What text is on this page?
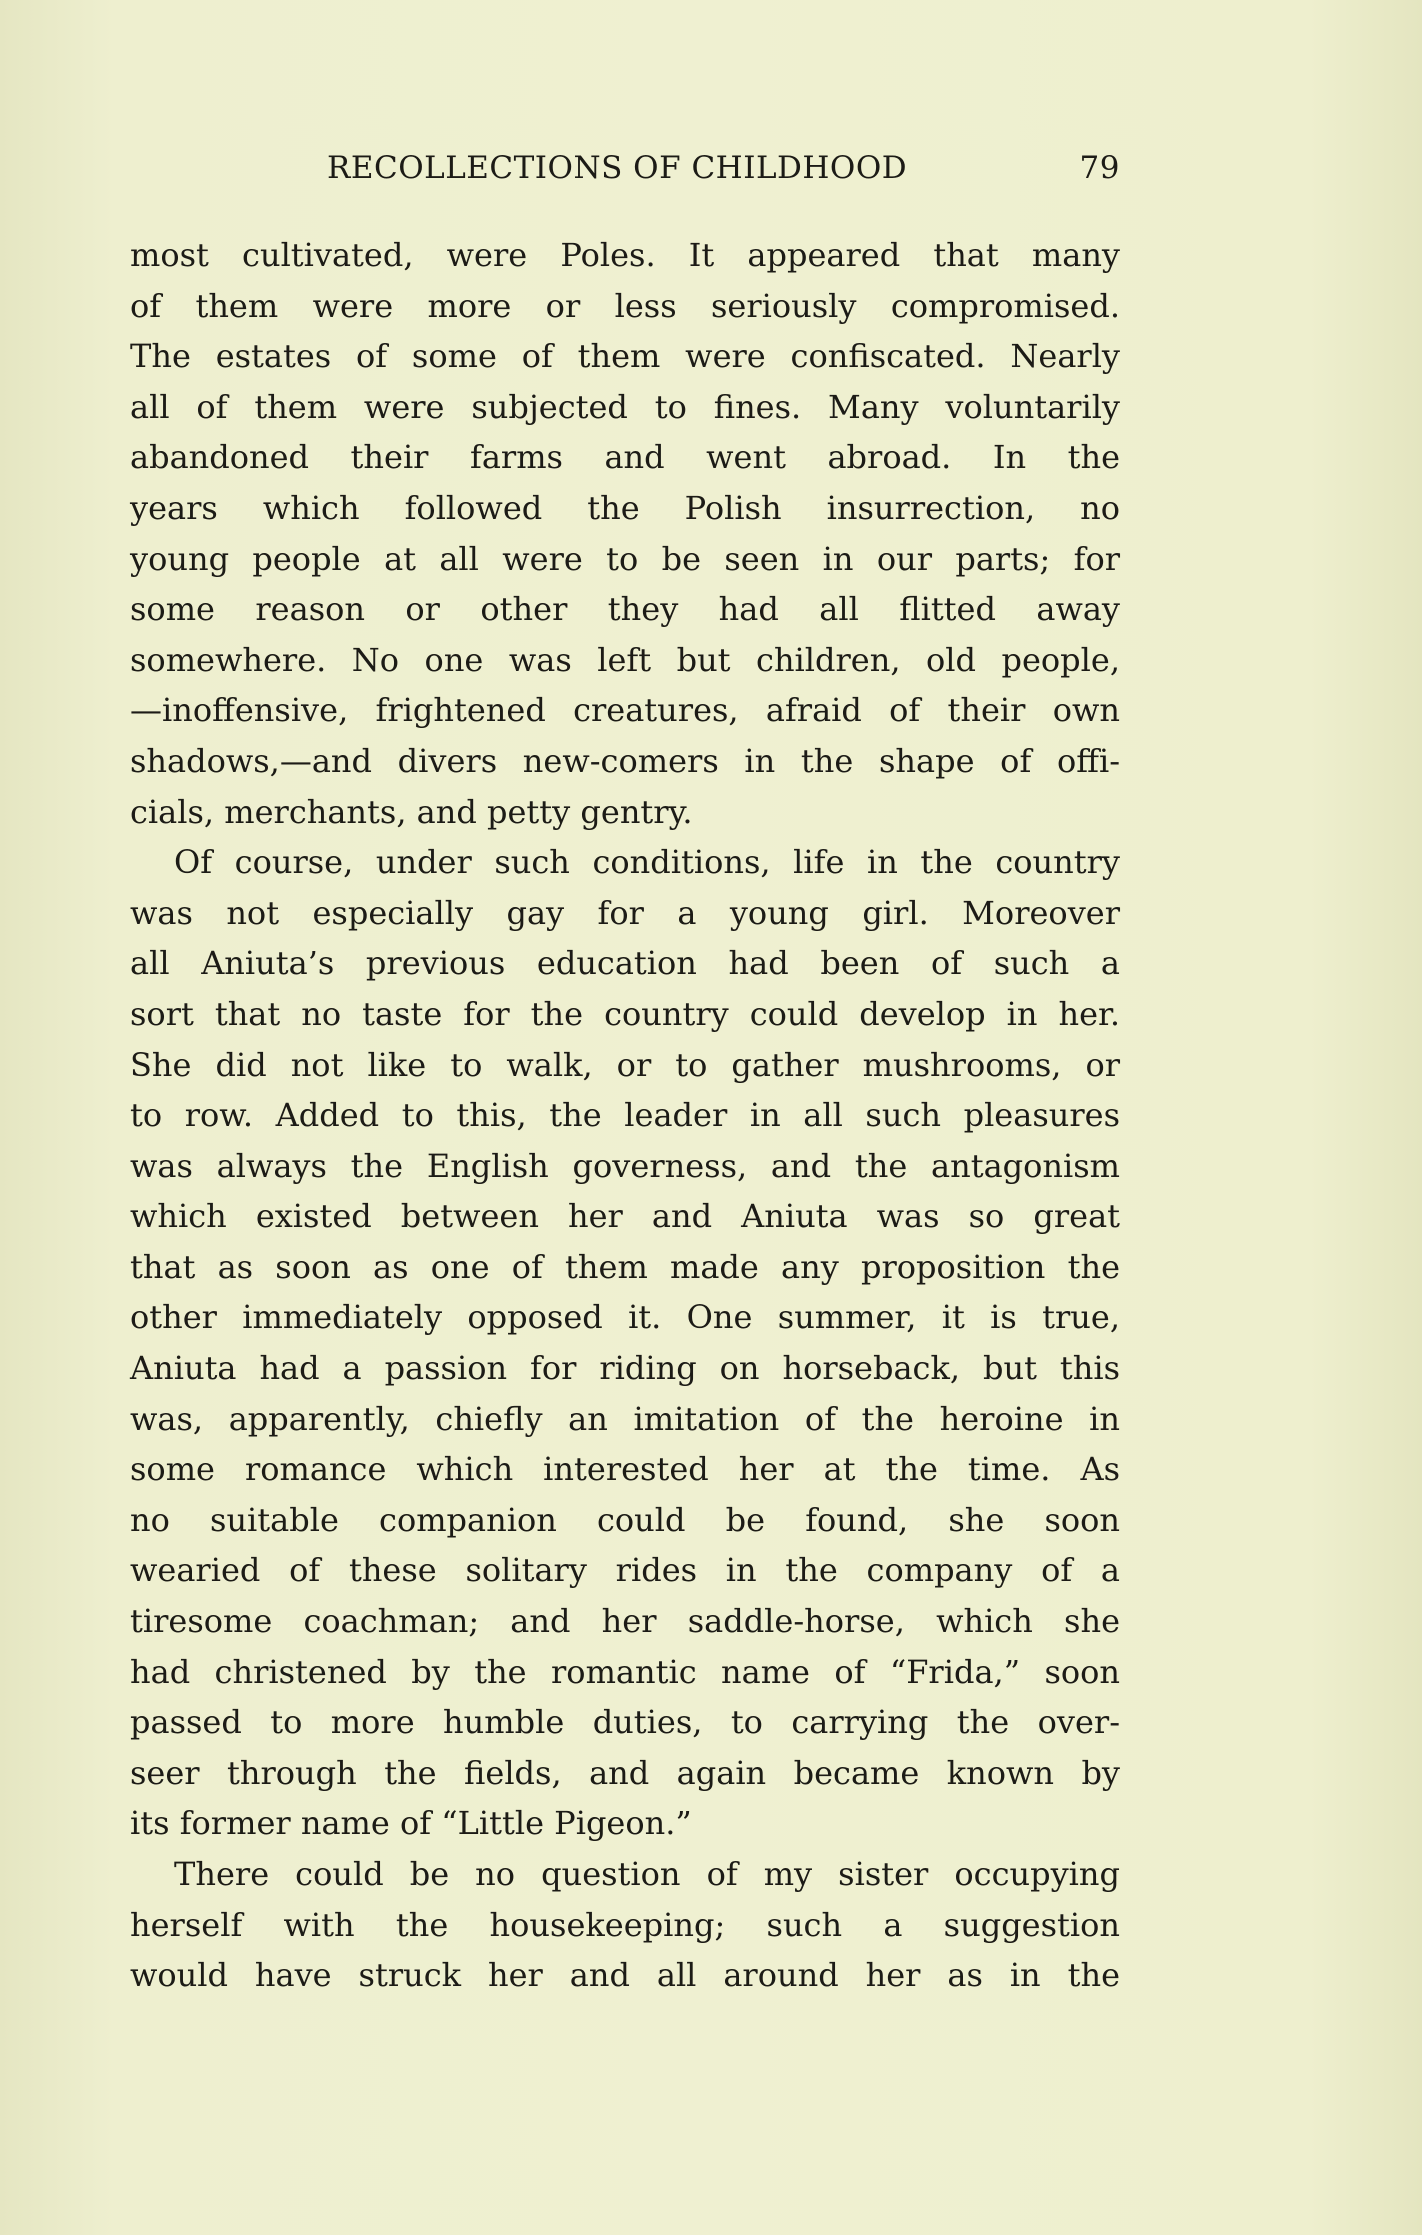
RECOLLECTIONS OF CHILDHOOD	79
most cultivated, were Poles. It appeared that many
of them were more or less seriously compromised.
The estates of some of them were confiscated. Nearly
all of them were subjected to fines. Many voluntarily
abandoned their farms and went abroad. In the
years which followed the Polish insurrection, no
young people at all were to be seen in our parts; for
some reason or other they had all flitted away
somewhere. No one was left but children, old people,
—inoffensive, frightened creatures, afraid of their own
shadows,—and divers new-comers in the shape of offi-
cials, merchants, and petty gentry.
Of course, under such conditions, life in the country
was not especially gay for a young girl. Moreover
all Aniuta’s previous education had been of such a
sort that no taste for the country could develop in her.
She did not like to walk, or to gather mushrooms, or
to row. Added to this, the leader in all such pleasures
was always the English governess, and the antagonism
which existed between her and Aniuta was so great
that as soon as one of them made any proposition the
other immediately opposed it. One summer, it is true,
Aniuta had a passion for riding on horseback, but this
was, apparently, chiefly an imitation of the heroine in
some romance which interested her at the time. As
no suitable companion could be found, she soon
wearied of these solitary rides in the company of a
tiresome coachman; and her saddle-horse, which she
had christened by the romantic name of “Frida,” soon
passed to more humble duties, to carrying the over-
seer through the fields, and again became known by
its former name of “Little Pigeon.”
There could be no question of my sister occupying
herself with the housekeeping; such a suggestion
would have struck her and all around her as in the
